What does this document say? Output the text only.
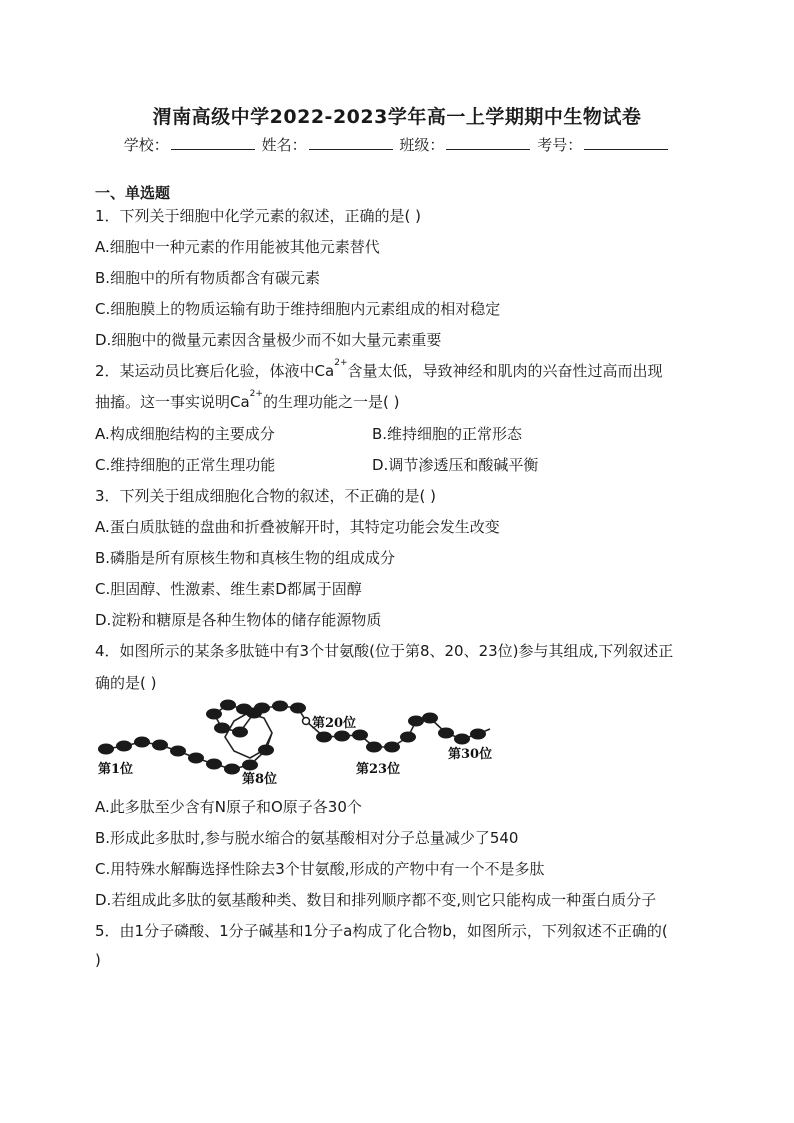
渭南高级中学2022-2023学年高一上学期期中生物试卷
学校：	姓名：	班级：	考号：
一、单选题
1．下列关于细胞中化学元素的叙述，正确的是( )
A.细胞中一种元素的作用能被其他元素替代
B.细胞中的所有物质都含有碳元素
C.细胞膜上的物质运输有助于维持细胞内元素组成的相对稳定
D.细胞中的微量元素因含量极少而不如大量元素重要
2．某运动员比赛后化验，体液中$Ca^{2+}$含量太低，导致神经和肌肉的兴奋性过高而出现
抽搐。这一事实说明$Ca^{2+}$的生理功能之一是( )
A.构成细胞结构的主要成分	B.维持细胞的正常形态
C.维持细胞的正常生理功能	D.调节渗透压和酸碱平衡
3．下列关于组成细胞化合物的叙述，不正确的是( )
A.蛋白质肽链的盘曲和折叠被解开时，其特定功能会发生改变
B.磷脂是所有原核生物和真核生物的组成成分
C.胆固醇、性激素、维生素D都属于固醇
D.淀粉和糖原是各种生物体的储存能源物质
4．如图所示的某条多肽链中有3个甘氨酸(位于第8、20、23位)参与其组成,下列叙述正
确的是( )
第1位
第8位
第20位
第23位
第30位
A.此多肽至少含有N原子和O原子各30个
B.形成此多肽时,参与脱水缩合的氨基酸相对分子总量减少了540
C.用特殊水解酶选择性除去3个甘氨酸,形成的产物中有一个不是多肽
D.若组成此多肽的氨基酸种类、数目和排列顺序都不变,则它只能构成一种蛋白质分子
5．由1分子磷酸、1分子碱基和1分子a构成了化合物b，如图所示，下列叙述不正确的(
)
